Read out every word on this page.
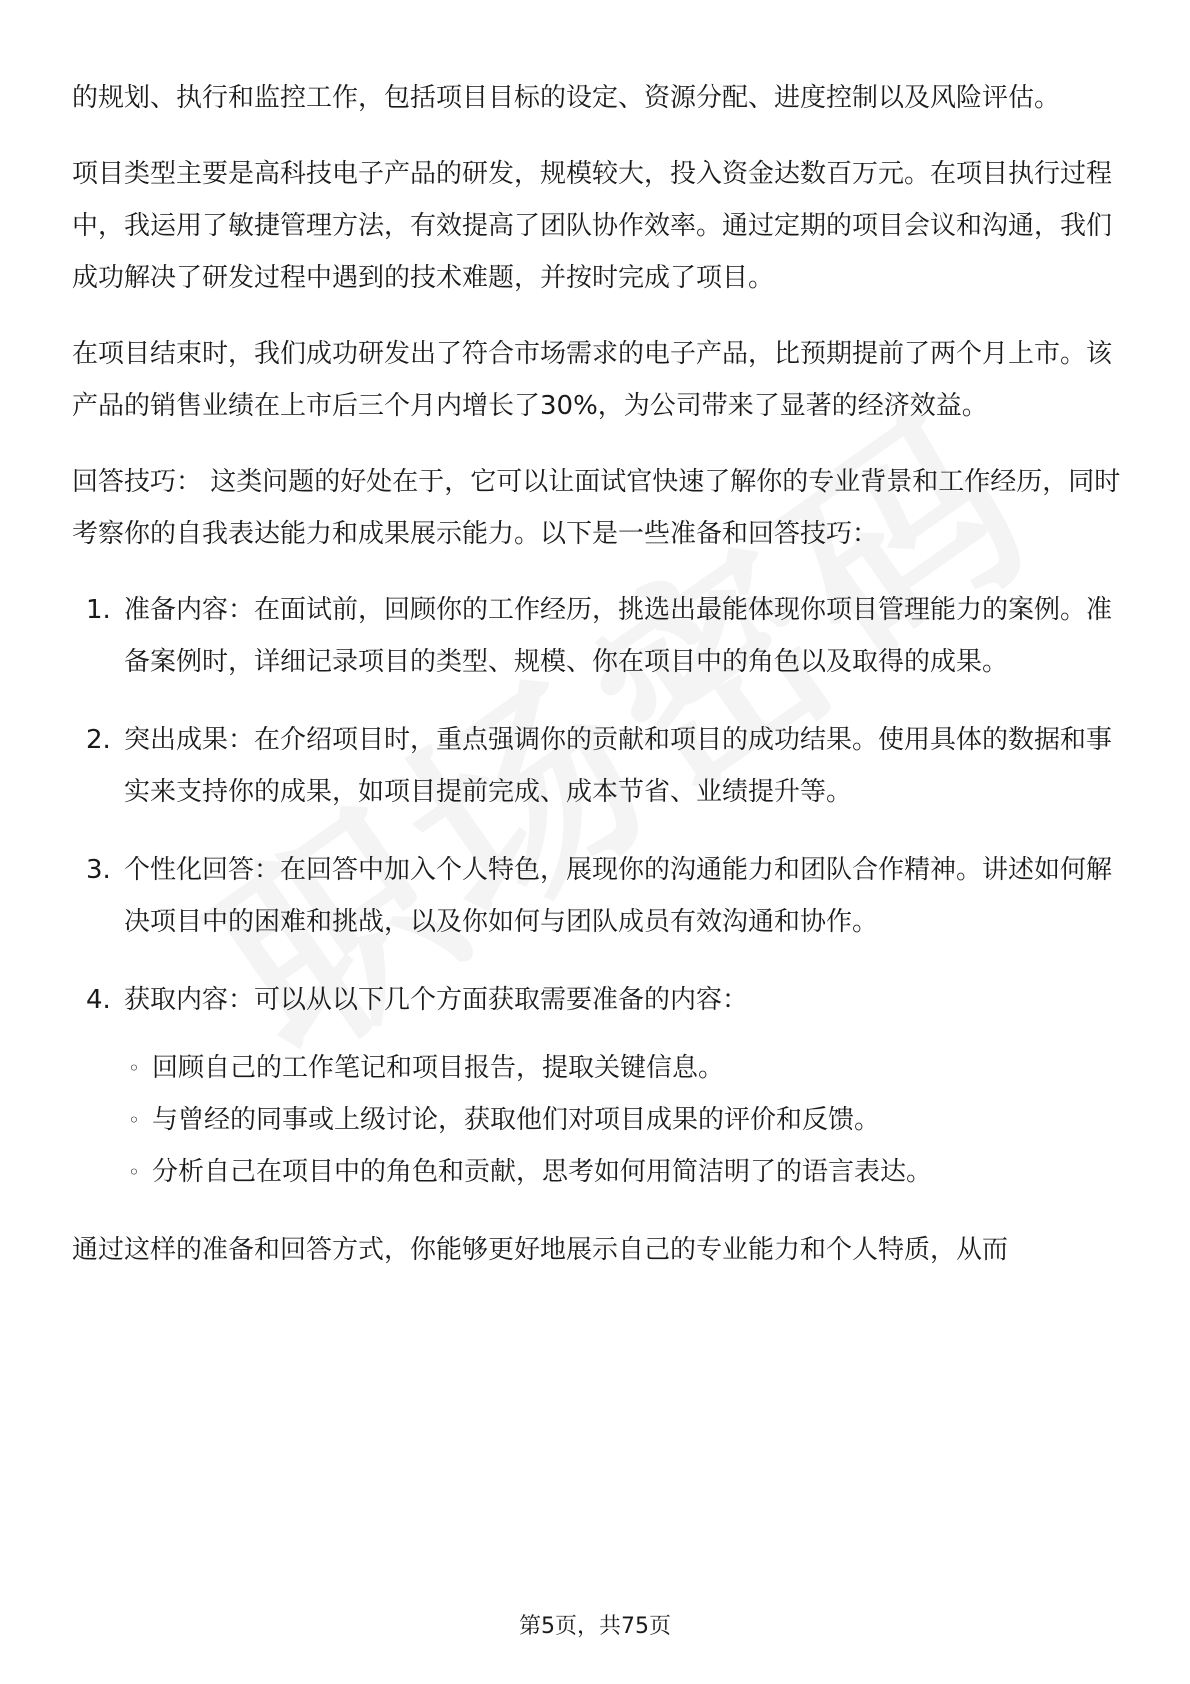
的规划、执行和监控工作，包括项目目标的设定、资源分配、进度控制以及风险评估。

项目类型主要是高科技电子产品的研发，规模较大，投入资金达数百万元。在项目执行过程中，我运用了敏捷管理方法，有效提高了团队协作效率。通过定期的项目会议和沟通，我们成功解决了研发过程中遇到的技术难题，并按时完成了项目。

在项目结束时，我们成功研发出了符合市场需求的电子产品，比预期提前了两个月上市。该产品的销售业绩在上市后三个月内增长了30%，为公司带来了显著的经济效益。

回答技巧： 这类问题的好处在于，它可以让面试官快速了解你的专业背景和工作经历，同时考察你的自我表达能力和成果展示能力。以下是一些准备和回答技巧：

1. 准备内容：在面试前，回顾你的工作经历，挑选出最能体现你项目管理能力的案例。准备案例时，详细记录项目的类型、规模、你在项目中的角色以及取得的成果。
2. 突出成果：在介绍项目时，重点强调你的贡献和项目的成功结果。使用具体的数据和事实来支持你的成果，如项目提前完成、成本节省、业绩提升等。
3. 个性化回答：在回答中加入个人特色，展现你的沟通能力和团队合作精神。讲述如何解决项目中的困难和挑战，以及你如何与团队成员有效沟通和协作。
4. 获取内容：可以从以下几个方面获取需要准备的内容：
◦ 回顾自己的工作笔记和项目报告，提取关键信息。
◦ 与曾经的同事或上级讨论，获取他们对项目成果的评价和反馈。
◦ 分析自己在项目中的角色和贡献，思考如何用简洁明了的语言表达。

通过这样的准备和回答方式，你能够更好地展示自己的专业能力和个人特质，从而

第5页，共75页
